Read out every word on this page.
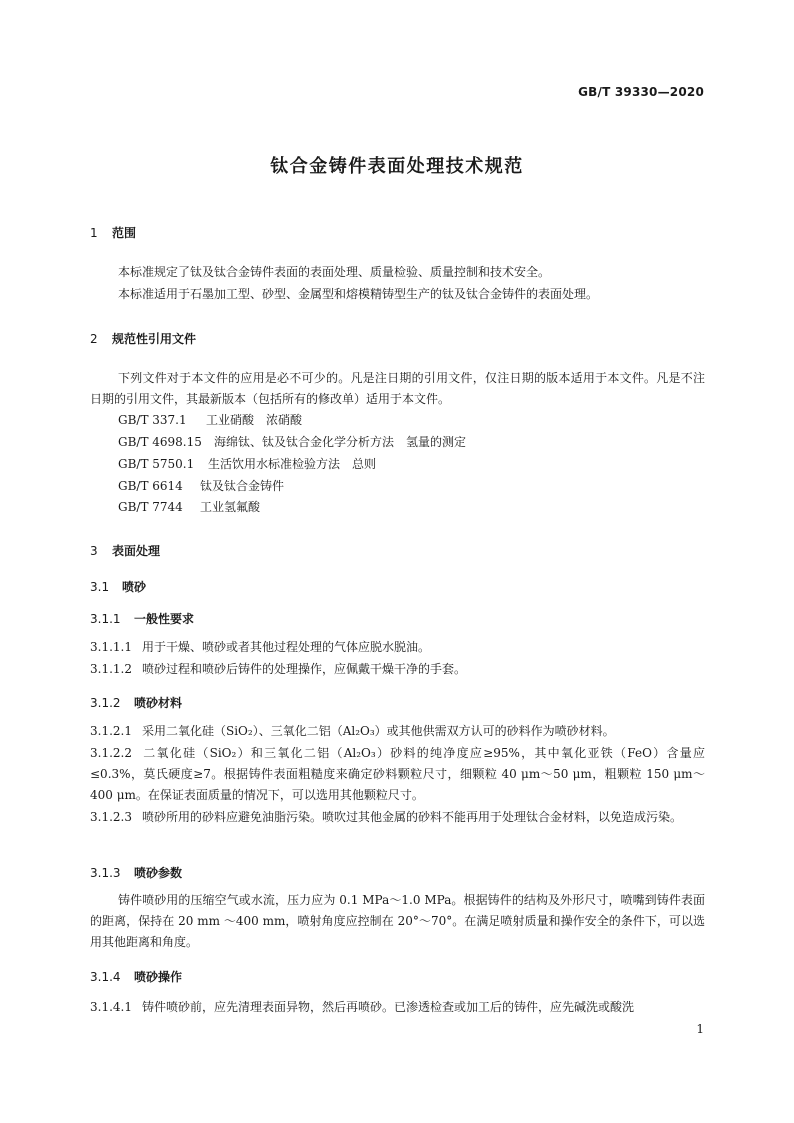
GB/T 39330—2020
钛合金铸件表面处理技术规范
1 范围
本标准规定了钛及钛合金铸件表面的表面处理、质量检验、质量控制和技术安全。
本标准适用于石墨加工型、砂型、金属型和熔模精铸型生产的钛及钛合金铸件的表面处理。
2 规范性引用文件
下列文件对于本文件的应用是必不可少的。凡是注日期的引用文件，仅注日期的版本适用于本文件。凡是不注日期的引用文件，其最新版本（包括所有的修改单）适用于本文件。
GB/T 337.1 工业硝酸　浓硝酸
GB/T 4698.15 海绵钛、钛及钛合金化学分析方法　氢量的测定
GB/T 5750.1 生活饮用水标准检验方法　总则
GB/T 6614 钛及钛合金铸件
GB/T 7744 工业氢氟酸
3 表面处理
3.1 喷砂
3.1.1 一般性要求
3.1.1.1 用于干燥、喷砂或者其他过程处理的气体应脱水脱油。
3.1.1.2 喷砂过程和喷砂后铸件的处理操作，应佩戴干燥干净的手套。
3.1.2 喷砂材料
3.1.2.1 采用二氧化硅（SiO₂）、三氧化二铝（Al₂O₃）或其他供需双方认可的砂料作为喷砂材料。
3.1.2.2 二氧化硅（SiO₂）和三氧化二铝（Al₂O₃）砂料的纯净度应≥95%，其中氧化亚铁（FeO）含量应≤0.3%，莫氏硬度≥7。根据铸件表面粗糙度来确定砂料颗粒尺寸，细颗粒 40 μm～50 μm，粗颗粒 150 μm～400 μm。在保证表面质量的情况下，可以选用其他颗粒尺寸。
3.1.2.3 喷砂所用的砂料应避免油脂污染。喷吹过其他金属的砂料不能再用于处理钛合金材料，以免造成污染。
3.1.3 喷砂参数
铸件喷砂用的压缩空气或水流，压力应为 0.1 MPa～1.0 MPa。根据铸件的结构及外形尺寸，喷嘴到铸件表面的距离，保持在 20 mm ～400 mm，喷射角度应控制在 20°～70°。在满足喷射质量和操作安全的条件下，可以选用其他距离和角度。
3.1.4 喷砂操作
3.1.4.1 铸件喷砂前，应先清理表面异物，然后再喷砂。已渗透检查或加工后的铸件，应先碱洗或酸洗
1
